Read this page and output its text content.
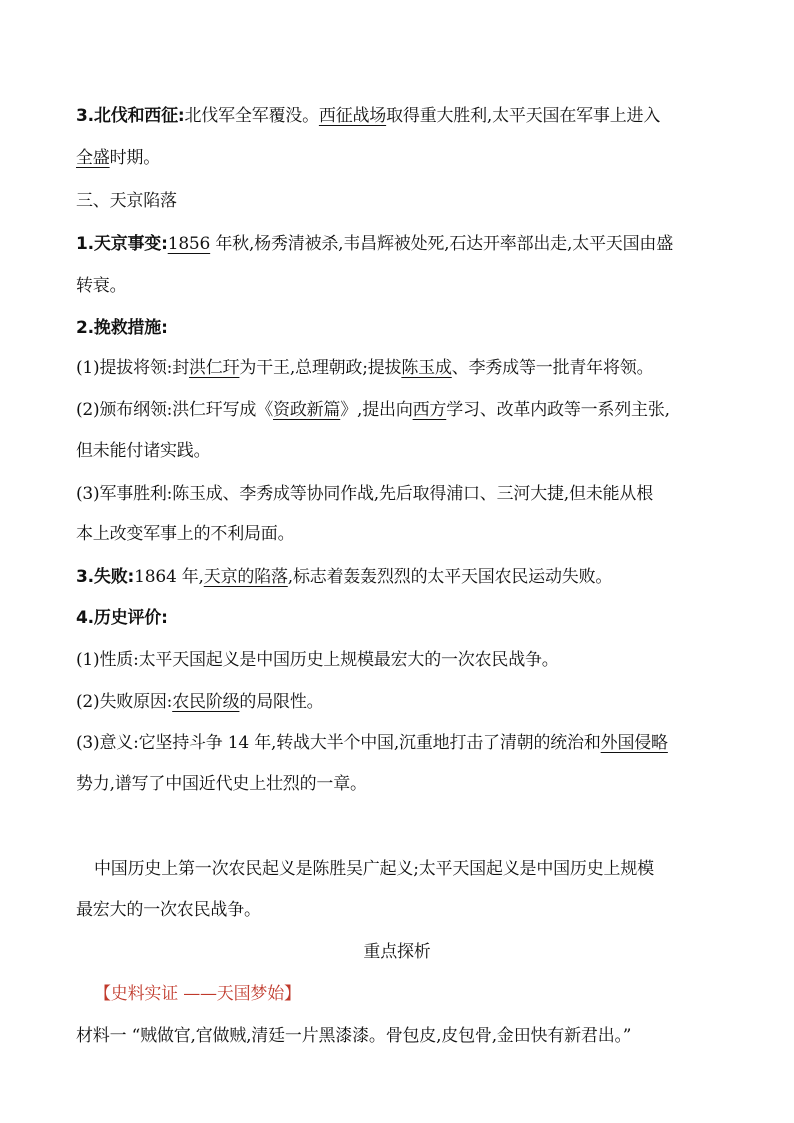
3.北伐和西征:北伐军全军覆没。西征战场取得重大胜利,太平天国在军事上进入
全盛时期。
三、天京陷落
1.天京事变:1856 年秋,杨秀清被杀,韦昌辉被处死,石达开率部出走,太平天国由盛
转衰。
2.挽救措施:
(1)提拔将领:封洪仁玕为干王,总理朝政;提拔陈玉成、李秀成等一批青年将领。
(2)颁布纲领:洪仁玕写成《资政新篇》,提出向西方学习、改革内政等一系列主张,
但未能付诸实践。
(3)军事胜利:陈玉成、李秀成等协同作战,先后取得浦口、三河大捷,但未能从根
本上改变军事上的不利局面。
3.失败:1864 年,天京的陷落,标志着轰轰烈烈的太平天国农民运动失败。
4.历史评价:
(1)性质:太平天国起义是中国历史上规模最宏大的一次农民战争。
(2)失败原因:农民阶级的局限性。
(3)意义:它坚持斗争 14 年,转战大半个中国,沉重地打击了清朝的统治和外国侵略
势力,谱写了中国近代史上壮烈的一章。
中国历史上第一次农民起义是陈胜吴广起义;太平天国起义是中国历史上规模
最宏大的一次农民战争。
重点探析
【史料实证 ——天国梦始】
材料一 “贼做官,官做贼,清廷一片黑漆漆。骨包皮,皮包骨,金田快有新君出。”
